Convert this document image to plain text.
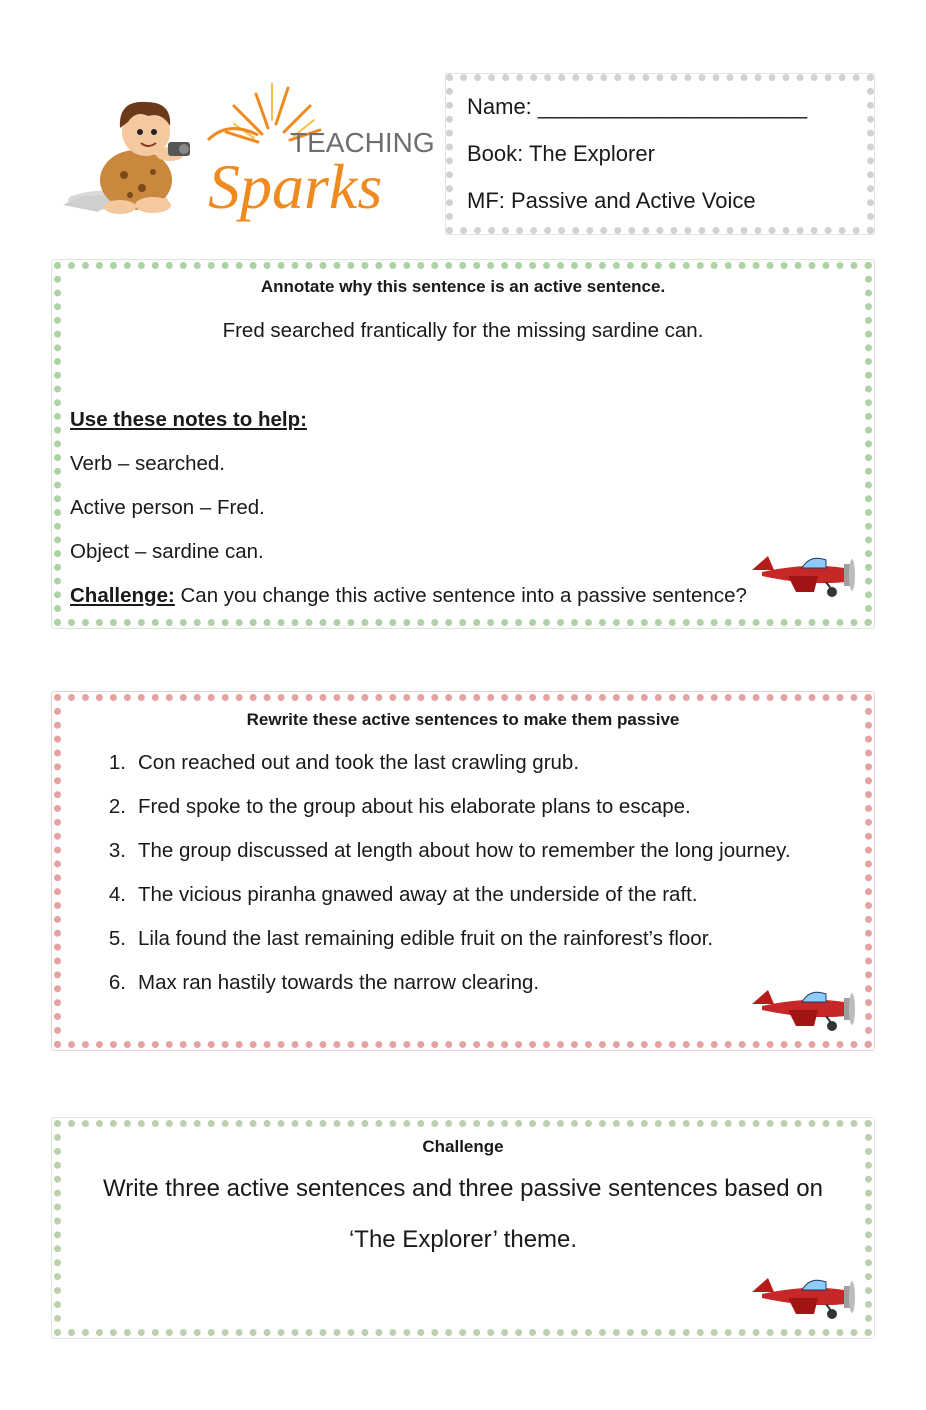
TEACHING
Sparks
Name: ______________________
Book: The Explorer
MF: Passive and Active Voice
Annotate why this sentence is an active sentence.
Fred searched frantically for the missing sardine can.
Use these notes to help:
Verb – searched.
Active person – Fred.
Object – sardine can.
Challenge: Can you change this active sentence into a passive sentence?
Rewrite these active sentences to make them passive
1. Con reached out and took the last crawling grub.
2. Fred spoke to the group about his elaborate plans to escape.
3. The group discussed at length about how to remember the long journey.
4. The vicious piranha gnawed away at the underside of the raft.
5. Lila found the last remaining edible fruit on the rainforest’s floor.
6. Max ran hastily towards the narrow clearing.
Challenge
Write three active sentences and three passive sentences based on
‘The Explorer’ theme.
